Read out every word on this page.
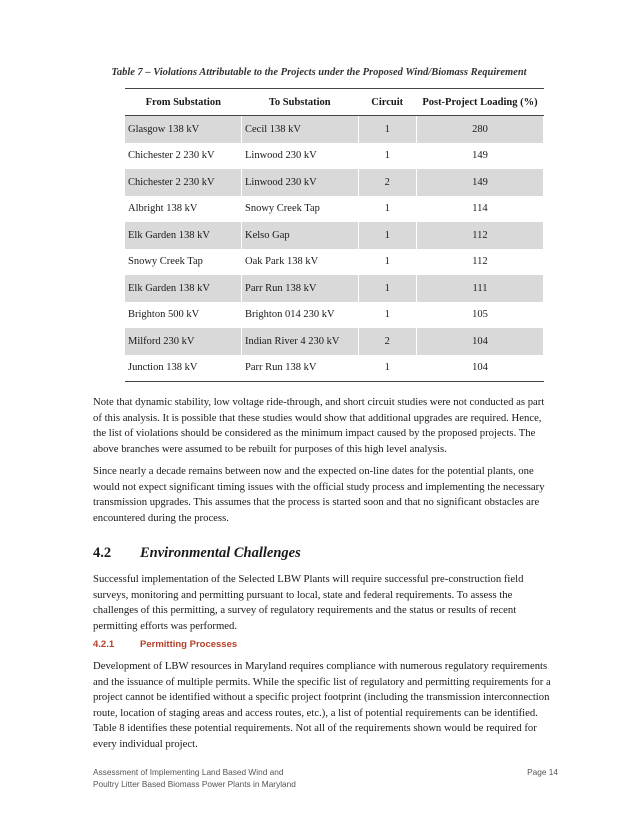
Table 7 – Violations Attributable to the Projects under the Proposed Wind/Biomass Requirement
From Substation	To Substation	Circuit	Post-Project Loading (%)
Glasgow 138 kV	Cecil 138 kV	1	280
Chichester 2 230 kV	Linwood 230 kV	1	149
Chichester 2 230 kV	Linwood 230 kV	2	149
Albright 138 kV	Snowy Creek Tap	1	114
Elk Garden 138 kV	Kelso Gap	1	112
Snowy Creek Tap	Oak Park 138 kV	1	112
Elk Garden 138 kV	Parr Run 138 kV	1	111
Brighton 500 kV	Brighton 014 230 kV	1	105
Milford 230 kV	Indian River 4 230 kV	2	104
Junction 138 kV	Parr Run 138 kV	1	104

Note that dynamic stability, low voltage ride-through, and short circuit studies were not conducted as part of this analysis. It is possible that these studies would show that additional upgrades are required. Hence, the list of violations should be considered as the minimum impact caused by the proposed projects. The above branches were assumed to be rebuilt for purposes of this high level analysis.

Since nearly a decade remains between now and the expected on-line dates for the potential plants, one would not expect significant timing issues with the official study process and implementing the necessary transmission upgrades. This assumes that the process is started soon and that no significant obstacles are encountered during the process.

4.2 Environmental Challenges

Successful implementation of the Selected LBW Plants will require successful pre-construction field surveys, monitoring and permitting pursuant to local, state and federal requirements. To assess the challenges of this permitting, a survey of regulatory requirements and the status or results of recent permitting efforts was performed.

4.2.1	Permitting Processes

Development of LBW resources in Maryland requires compliance with numerous regulatory requirements and the issuance of multiple permits. While the specific list of regulatory and permitting requirements for a project cannot be identified without a specific project footprint (including the transmission interconnection route, location of staging areas and access routes, etc.), a list of potential requirements can be identified. Table 8 identifies these potential requirements. Not all of the requirements shown would be required for every individual project.

Assessment of Implementing Land Based Wind and
Poultry Litter Based Biomass Power Plants in Maryland
Page 14
